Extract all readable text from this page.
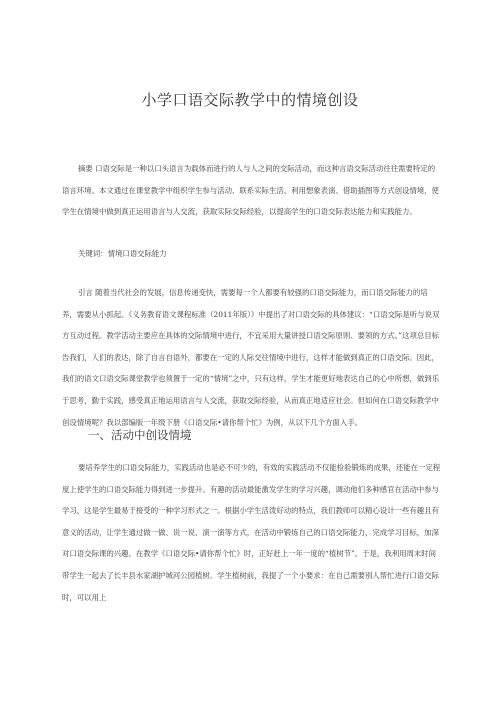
小学口语交际教学中的情境创设
摘要 口语交际是一种以口头语言为载体而进行的人与人之间的交际活动，而这种言语交际活动往往需要特定的语言环境。本文通过在课堂教学中组织学生参与活动、联系实际生活、利用想象表演、借助插图等方式创设情境，使学生在情境中做到真正运用语言与人交流，获取实际交际经验，以提高学生的口语交际表达能力和实践能力。
关键词：情境口语交际能力
引言 随着当代社会的发展，信息传递变快，需要每一个人都要有较强的口语交际能力，而口语交际能力的培养，需要从小抓起。《义务教育语文课程标准（2011年版）》中提出了对口语交际的具体建议：“口语交际是听与说双方互动过程。教学活动主要应在具体的交际情境中进行，不宜采用大量讲授口语交际原则、要领的方式。”这项总目标告我们，人们的表达，除了自言自语外，都要在一定的人际交往情境中进行，这样才能做到真正的口语交际。因此，我们的语文口语交际课堂教学也须置于一定的“情境”之中，只有这样，学生才能更好地表达自己的心中所想，做到乐于思考，勤于实践，感受真正地运用语言与人交流，获取交际经验，从而真正地适应社会。但如何在口语交际教学中创设情境呢？我以部编版一年级下册《口语交际•请你帮个忙》为例，从以下几个方面入手。
一、活动中创设情境
要培养学生的口语交际能力，实践活动也是必不可少的，有效的实践活动不仅能检验锻炼的成果，还能在一定程度上使学生的口语交际能力得到进一步提升。有趣的活动最能激发学生的学习兴趣，调动他们多种感官在活动中参与学习，这是学生最易于接受的一种学习形式之一。根据小学生活泼好动的特点，我们教师可以精心设计一些有趣且有意义的活动，让学生通过做一做、说一说、演一演等方式，在活动中锻炼自己的口语交际能力，完成学习目标，加深对口语交际课的兴趣。在教学《口语交际•请你帮个忙》时，正好赶上一年一度的“植树节”。于是，我利用周末时间带学生一起去了长丰县水家湖护城河公园植树。学生植树前，我提了一个小要求：在自己需要别人帮忙进行口语交际时，可以用上
